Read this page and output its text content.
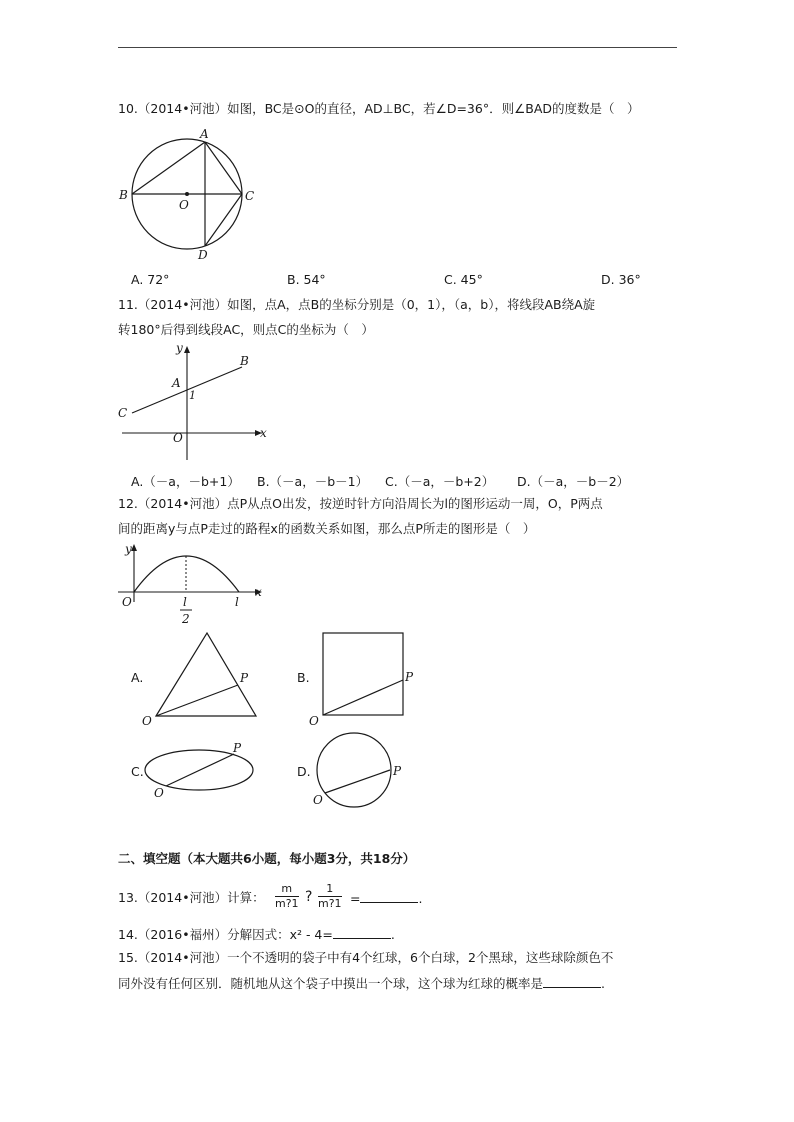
10.（2014•河池）如图，BC是⊙O的直径，AD⊥BC，若∠D=36°．则∠BAD的度数是（　）
A
B	C
D
O
A. 72°	B. 54°	C. 45°	D. 36°
11.（2014•河池）如图，点A，点B的坐标分别是（0，1），（a，b），将线段AB绕A旋
转180°后得到线段AC，则点C的坐标为（　）
y
x
A
B
C
O
1
A.（－a，－b+1） B.（－a，－b－1） C.（－a，－b+2） D.（－a，－b－2）
12.（2014•河池）点P从点O出发，按逆时针方向沿周长为l的图形运动一周，O，P两点
间的距离y与点P走过的路程x的函数关系如图，那么点P所走的图形是（　）
y
x
O	l
l
2
A.
O
P	B.
O
P
C.
O
P
D.
O
P
二、填空题（本大题共6小题，每小题3分，共18分）
13.（2014•河池）计算： $\frac{m}{m?1}$ ? $\frac{1}{m?1}$ =	.
14.（2016•福州）分解因式：x² - 4=	.
15.（2014•河池）一个不透明的袋子中有4个红球，6个白球，2个黑球，这些球除颜色不
同外没有任何区别．随机地从这个袋子中摸出一个球，这个球为红球的概率是	.
